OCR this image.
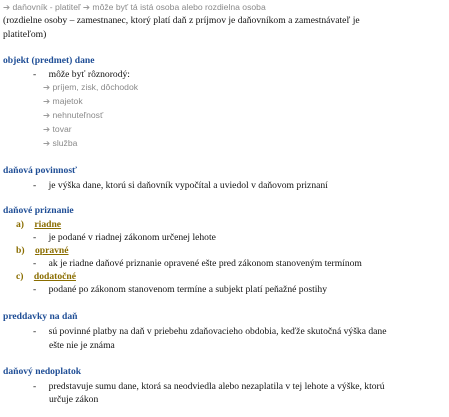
➔ daňovník - platiteľ ➔ môže byť tá istá osoba alebo rozdielna osoba
(rozdielne osoby – zamestnanec, ktorý platí daň z príjmov je daňovníkom a zamestnávateľ je
platiteľom)
objekt (predmet) dane
- môže byť rôznorodý:
➔ príjem, zisk, dôchodok
➔ majetok
➔ nehnuteľnosť
➔ tovar
➔ služba
daňová povinnosť
- je výška dane, ktorú si daňovník vypočítal a uviedol v daňovom priznaní
daňové priznanie
a) riadne
- je podané v riadnej zákonom určenej lehote
b) opravné
- ak je riadne daňové priznanie opravené ešte pred zákonom stanoveným termínom
c) dodatočné
- podané po zákonom stanovenom termíne a subjekt platí peňažné postihy
preddavky na daň
- sú povinné platby na daň v priebehu zdaňovacieho obdobia, keďže skutočná výška dane
ešte nie je známa
daňový nedoplatok
- predstavuje sumu dane, ktorá sa neodviedla alebo nezaplatila v tej lehote a výške, ktorú
určuje zákon
